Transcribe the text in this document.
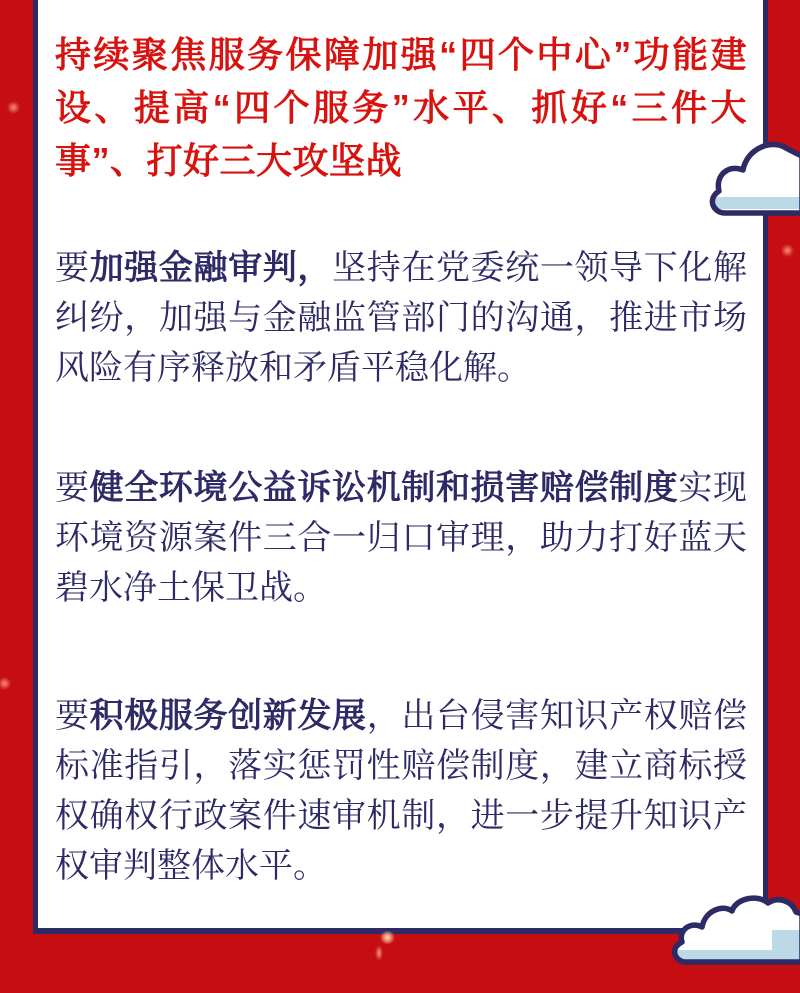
持续聚焦服务保障加强“四个中心”功能建设、提高“四个服务”水平、抓好“三件大事”、打好三大攻坚战
要加强金融审判，坚持在党委统一领导下化解纠纷，加强与金融监管部门的沟通，推进市场风险有序释放和矛盾平稳化解。
要健全环境公益诉讼机制和损害赔偿制度实现环境资源案件三合一归口审理，助力打好蓝天碧水净土保卫战。
要积极服务创新发展，出台侵害知识产权赔偿标准指引，落实惩罚性赔偿制度，建立商标授权确权行政案件速审机制，进一步提升知识产权审判整体水平。
